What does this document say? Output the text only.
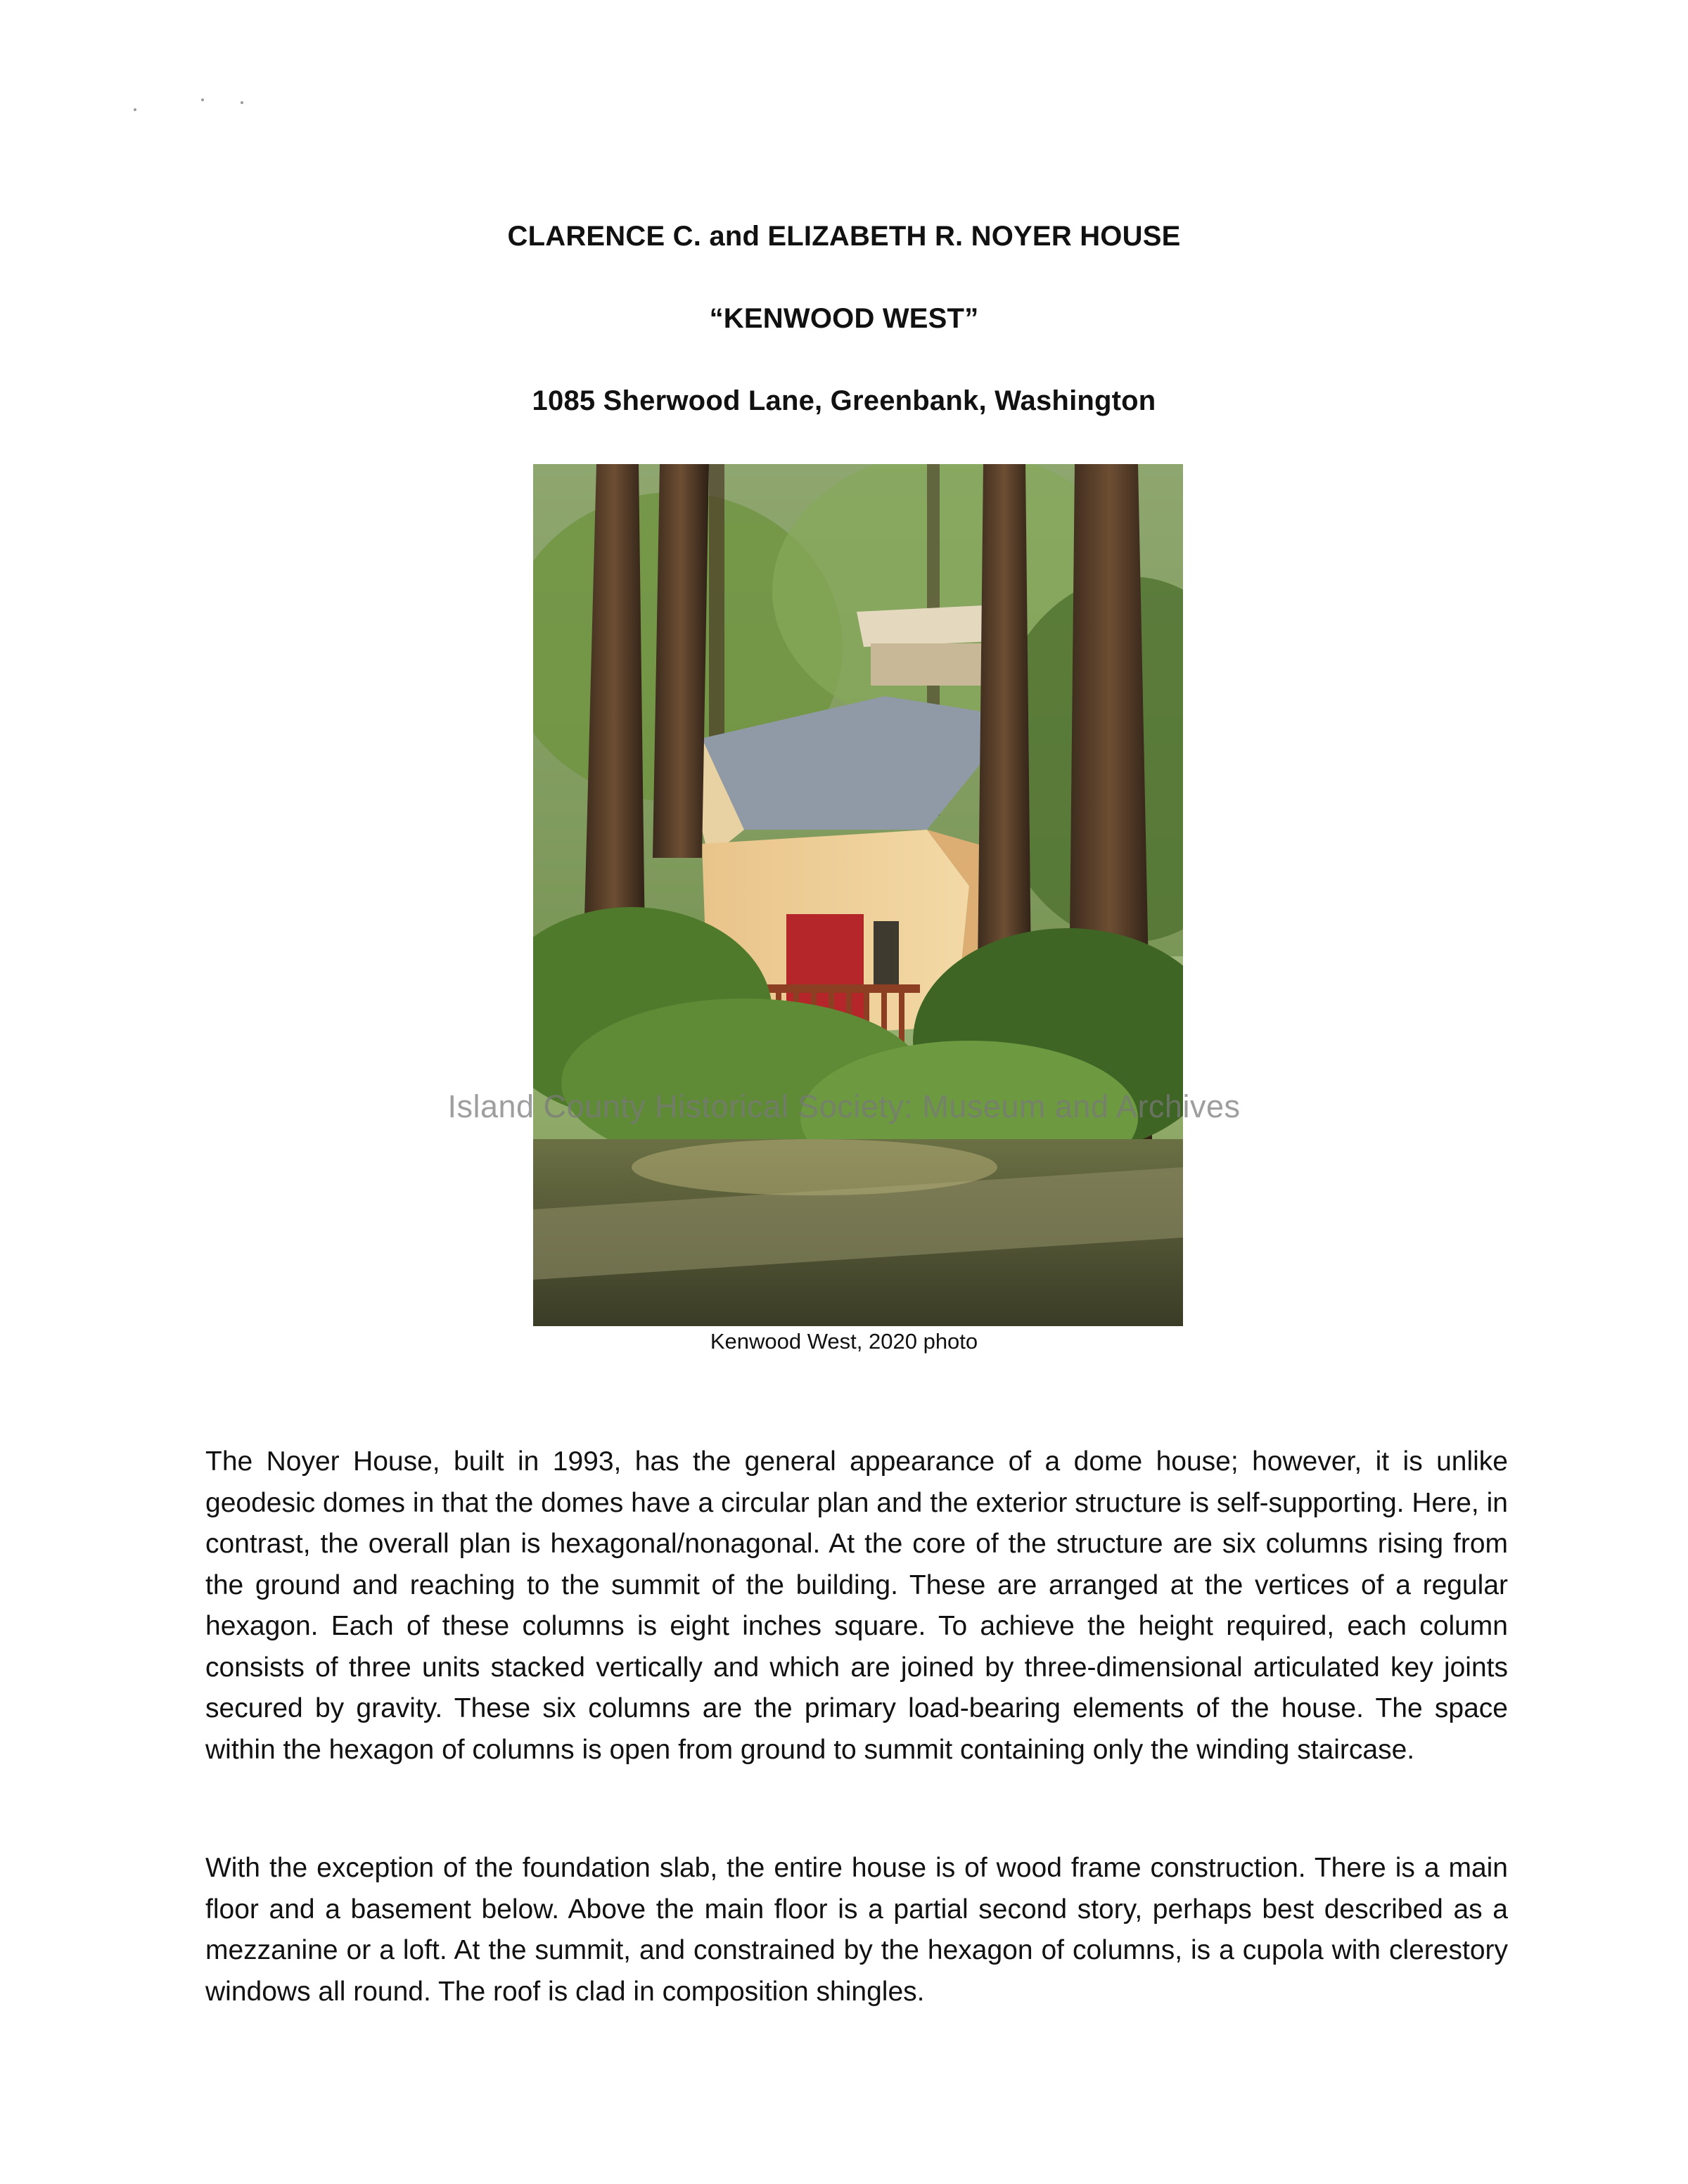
CLARENCE C. and ELIZABETH R. NOYER HOUSE
“KENWOOD WEST”
1085 Sherwood Lane, Greenbank, Washington
Island County Historical Society: Museum and Archives
Kenwood West, 2020 photo

The Noyer House, built in 1993, has the general appearance of a dome house; however, it is unlike geodesic domes in that the domes have a circular plan and the exterior structure is self-supporting. Here, in contrast, the overall plan is hexagonal/nonagonal. At the core of the structure are six columns rising from the ground and reaching to the summit of the building. These are arranged at the vertices of a regular hexagon. Each of these columns is eight inches square. To achieve the height required, each column consists of three units stacked vertically and which are joined by three-dimensional articulated key joints secured by gravity. These six columns are the primary load-bearing elements of the house. The space within the hexagon of columns is open from ground to summit containing only the winding staircase.

With the exception of the foundation slab, the entire house is of wood frame construction. There is a main floor and a basement below. Above the main floor is a partial second story, perhaps best described as a mezzanine or a loft. At the summit, and constrained by the hexagon of columns, is a cupola with clerestory windows all round. The roof is clad in composition shingles.
